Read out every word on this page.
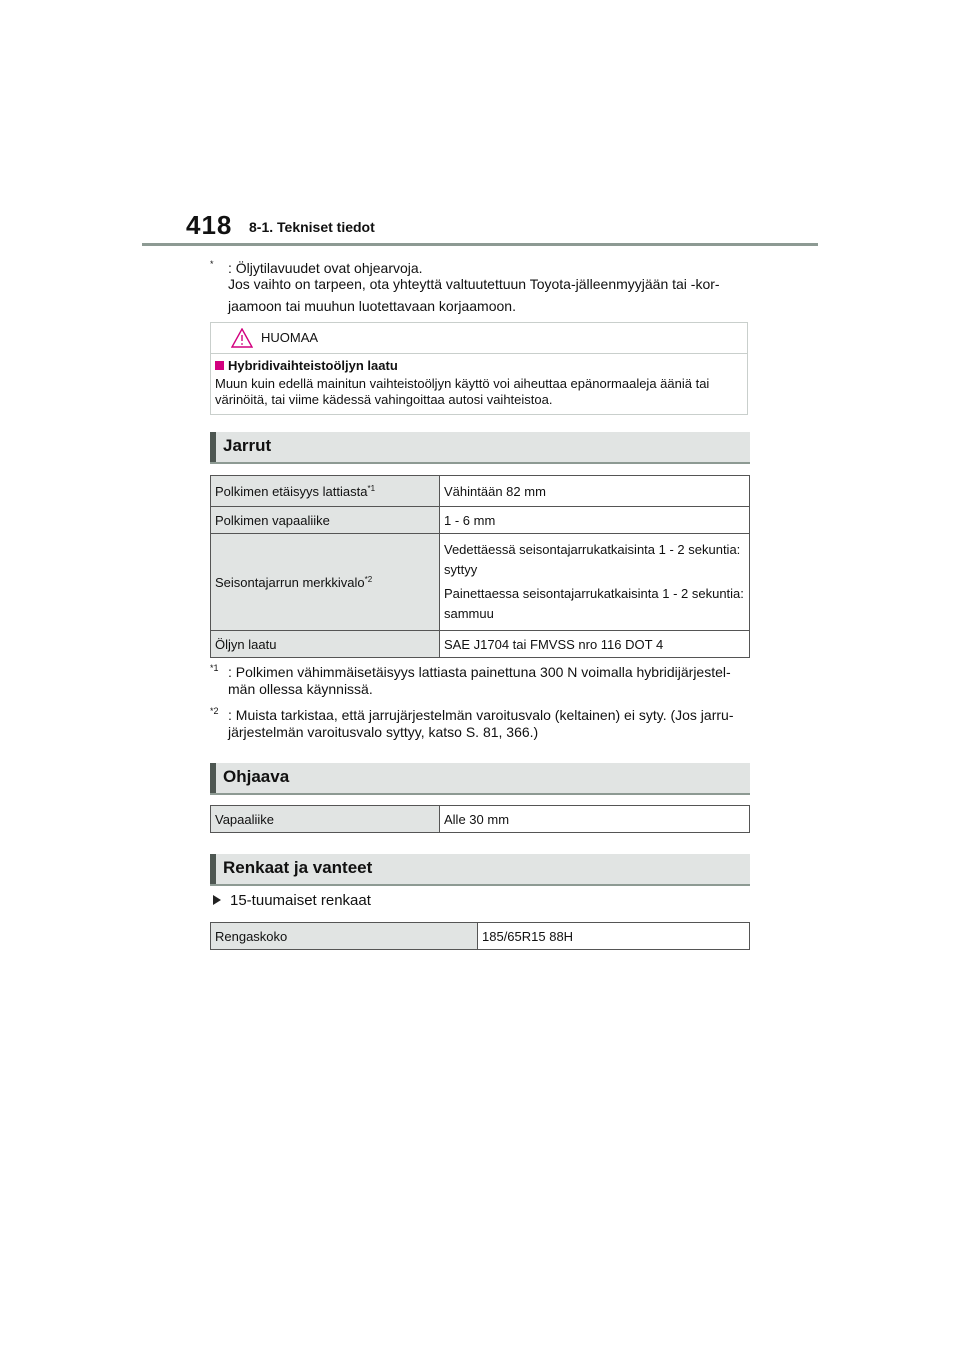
418 8-1. Tekniset tiedot
* : Öljytilavuudet ovat ohjearvoja.
Jos vaihto on tarpeen, ota yhteyttä valtuutettuun Toyota-jälleenmyyjään tai -kor-
jaamoon tai muuhun luotettavaan korjaamoon.
HUOMAA
Hybridivaihteistoöljyn laatu
Muun kuin edellä mainitun vaihteistoöljyn käyttö voi aiheuttaa epänormaaleja ääniä tai värinöitä, tai viime kädessä vahingoittaa autosi vaihteistoa.
Jarrut
Polkimen etäisyys lattiasta$^{*1}$	Vähintään 82 mm
Polkimen vapaaliike	1 - 6 mm
Seisontajarrun merkkivalo$^{*2}$	Vedettäessä seisontajarrukatkaisinta 1 - 2 sekuntia: syttyy
Painettaessa seisontajarrukatkaisinta 1 - 2 sekuntia: sammuu

Öljyn laatu	SAE J1704 tai FMVSS nro 116 DOT 4
$^{*1}$ : Polkimen vähimmäisetäisyys lattiasta painettuna 300 N voimalla hybridijärjestel-
män ollessa käynnissä.
$^{*2}$ : Muista tarkistaa, että jarrujärjestelmän varoitusvalo (keltainen) ei syty. (Jos jarru-
järjestelmän varoitusvalo syttyy, katso S. 81, 366.)
Ohjaava
Vapaaliike	Alle 30 mm
Renkaat ja vanteet
15-tuumaiset renkaat
Rengaskoko	185/65R15 88H
